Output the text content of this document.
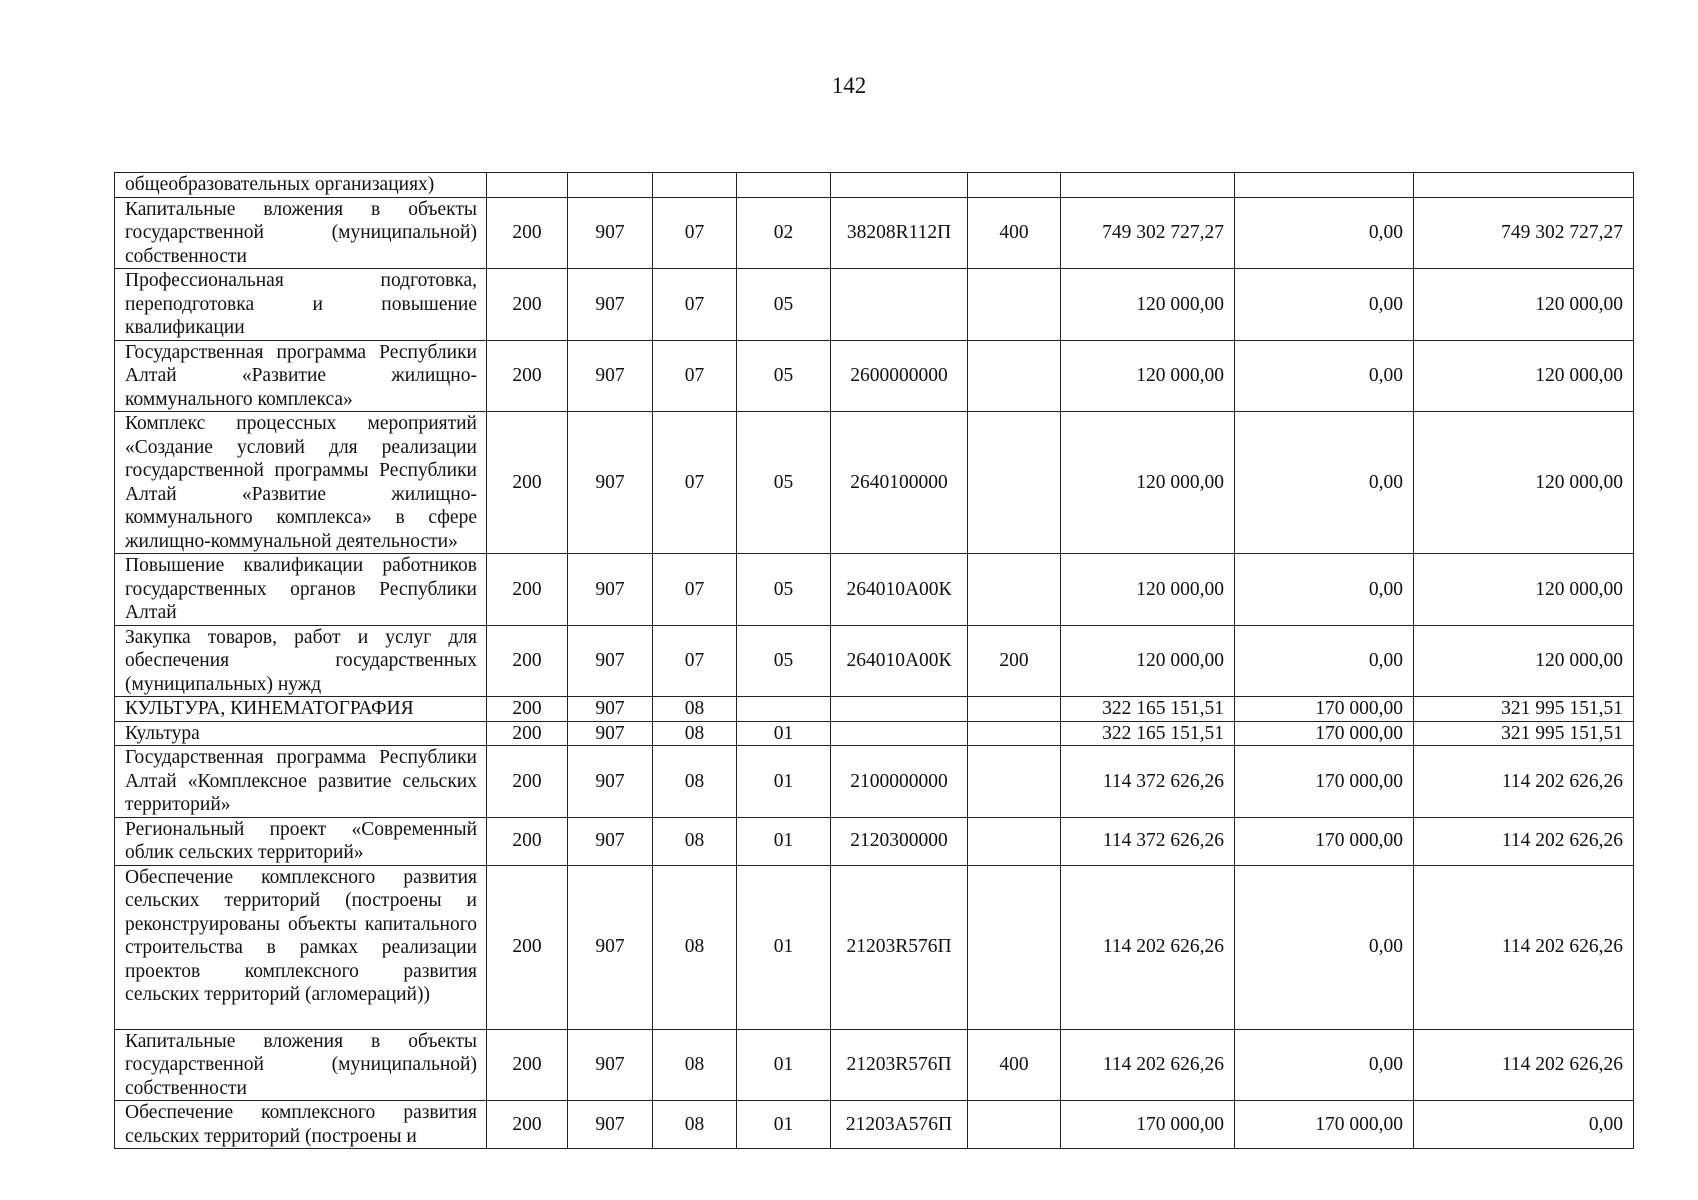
142
общеобразовательных организациях)									
Капитальные вложения в объекты государственной (муниципальной) собственности	200	907	07	02	38208R112П	400	749 302 727,27	0,00	749 302 727,27
Профессиональная подготовка, переподготовка и повышение квалификации	200	907	07	05			120 000,00	0,00	120 000,00
Государственная программа Республики Алтай «Развитие жилищно-коммунального комплекса»	200	907	07	05	2600000000		120 000,00	0,00	120 000,00
Комплекс процессных мероприятий «Создание условий для реализации государственной программы Республики Алтай «Развитие жилищно-коммунального комплекса» в сфере жилищно-коммунальной деятельности»	200	907	07	05	2640100000		120 000,00	0,00	120 000,00
Повышение квалификации работников государственных органов Республики Алтай	200	907	07	05	264010А00К		120 000,00	0,00	120 000,00
Закупка товаров, работ и услуг для обеспечения государственных (муниципальных) нужд	200	907	07	05	264010А00К	200	120 000,00	0,00	120 000,00
КУЛЬТУРА, КИНЕМАТОГРАФИЯ	200	907	08				322 165 151,51	170 000,00	321 995 151,51
Культура	200	907	08	01			322 165 151,51	170 000,00	321 995 151,51
Государственная программа Республики Алтай «Комплексное развитие сельских территорий»	200	907	08	01	2100000000		114 372 626,26	170 000,00	114 202 626,26
Региональный проект «Современный облик сельских территорий»	200	907	08	01	2120300000		114 372 626,26	170 000,00	114 202 626,26
Обеспечение комплексного развития сельских территорий (построены и реконструированы объекты капитального строительства в рамках реализации проектов комплексного развития сельских территорий (агломераций))	200	907	08	01	21203R576П		114 202 626,26	0,00	114 202 626,26
Капитальные вложения в объекты государственной (муниципальной) собственности	200	907	08	01	21203R576П	400	114 202 626,26	0,00	114 202 626,26
Обеспечение комплексного развития сельских территорий (построены и	200	907	08	01	21203А576П		170 000,00	170 000,00	0,00
